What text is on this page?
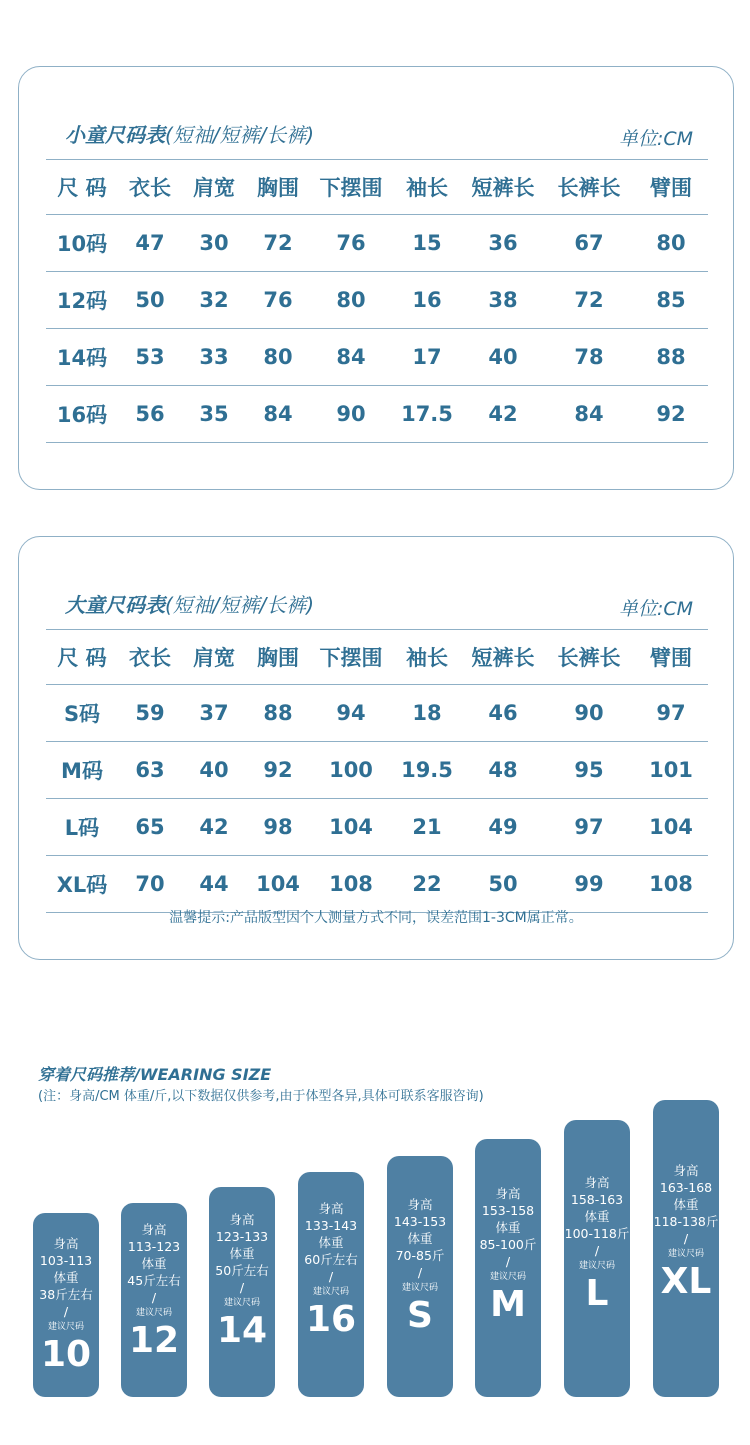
小童尺码表(短袖/短裤/长裤)	单位:CM
尺 码	衣长	肩宽	胸围	下摆围	袖长	短裤长	长裤长	臂围
10码	47	30	72	76	15	36	67	80
12码	50	32	76	80	16	38	72	85
14码	53	33	80	84	17	40	78	88
16码	56	35	84	90	17.5	42	84	92
大童尺码表(短袖/短裤/长裤)	单位:CM
尺 码	衣长	肩宽	胸围	下摆围	袖长	短裤长	长裤长	臂围
S码	59	37	88	94	18	46	90	97
M码	63	40	92	100	19.5	48	95	101
L码	65	42	98	104	21	49	97	104
XL码	70	44	104	108	22	50	99	108
温馨提示:产品版型因个人测量方式不同，误差范围1-3CM属正常。
穿着尺码推荐/WEARING SIZE
(注：身高/CM 体重/斤,以下数据仅供参考,由于体型各异,具体可联系客服咨询)
身高
103-113
体重
38斤左右
/
建议尺码
10
身高
113-123
体重
45斤左右
/
建议尺码
12
身高
123-133
体重
50斤左右
/
建议尺码
14
身高
133-143
体重
60斤左右
/
建议尺码
16
身高
143-153
体重
70-85斤
/
建议尺码
S
身高
153-158
体重
85-100斤
/
建议尺码
M
身高
158-163
体重
100-118斤
/
建议尺码
L
身高
163-168
体重
118-138斤
/
建议尺码
XL
